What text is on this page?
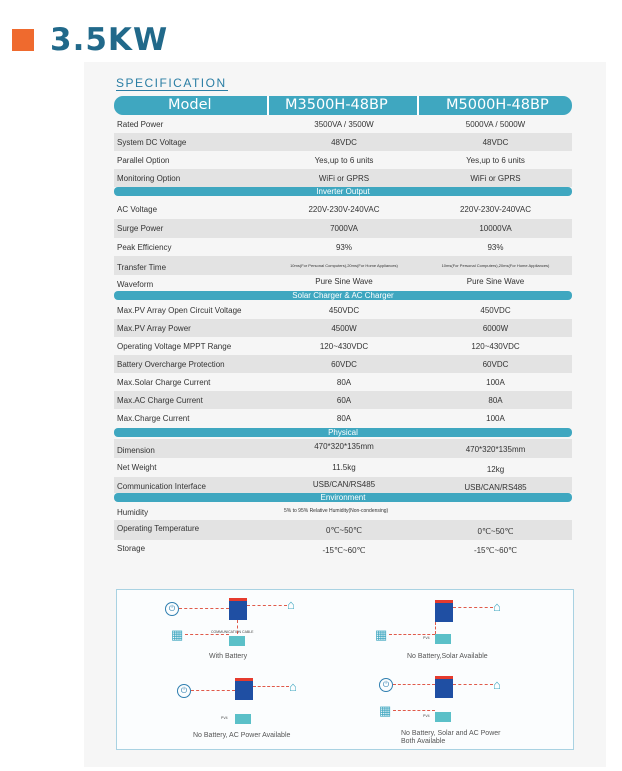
3.5KW
SPECIFICATION
Model	M3500H-48BP	M5000H-48BP
Rated Power	3500VA / 3500W	5000VA / 5000W
System DC Voltage	48VDC	48VDC
Parallel Option	Yes,up to 6 units	Yes,up to 6 units
Monitoring Option	WiFi or GPRS	WiFi or GPRS
Inverter Output
AC Voltage	220V-230V-240VAC	220V-230V-240VAC
Surge Power	7000VA	10000VA
Peak Efficiency	93%	93%
Transfer Time	10ms(For Personal Computers),20ms(For Home Appliances)	10ms(For Personal Computers),20ms(For Home Appliances)
Waveform	Pure Sine Wave	Pure Sine Wave
Solar Charger & AC Charger
Max.PV Array Open Circuit Voltage	450VDC	450VDC
Max.PV Array Power	4500W	6000W
Operating Voltage MPPT Range	120~430VDC	120~430VDC
Battery Overcharge Protection	60VDC	60VDC
Max.Solar Charge Current	80A	100A
Max.AC Charge Current	60A	80A
Max.Charge Current	80A	100A
Physical
Dimension	470*320*135mm	470*320*135mm
Net Weight	11.5kg	12kg
Communication Interface	USB/CAN/RS485	USB/CAN/RS485
Environment
Humidity	5% to 95% Relative Humidity(Non-condensing)
Operating Temperature	0℃~50℃	0℃~50℃
Storage	-15℃~60℃	-15℃~60℃
⏻	⌂
▦	COMMUNICATION CABLE
With Battery
⌂
▦	PV4
No Battery,Solar Available
⏻	⌂
PV4
No Battery, AC Power Available
⏻	⌂
▦	PV4
No Battery, Solar and AC Power
Both Available
